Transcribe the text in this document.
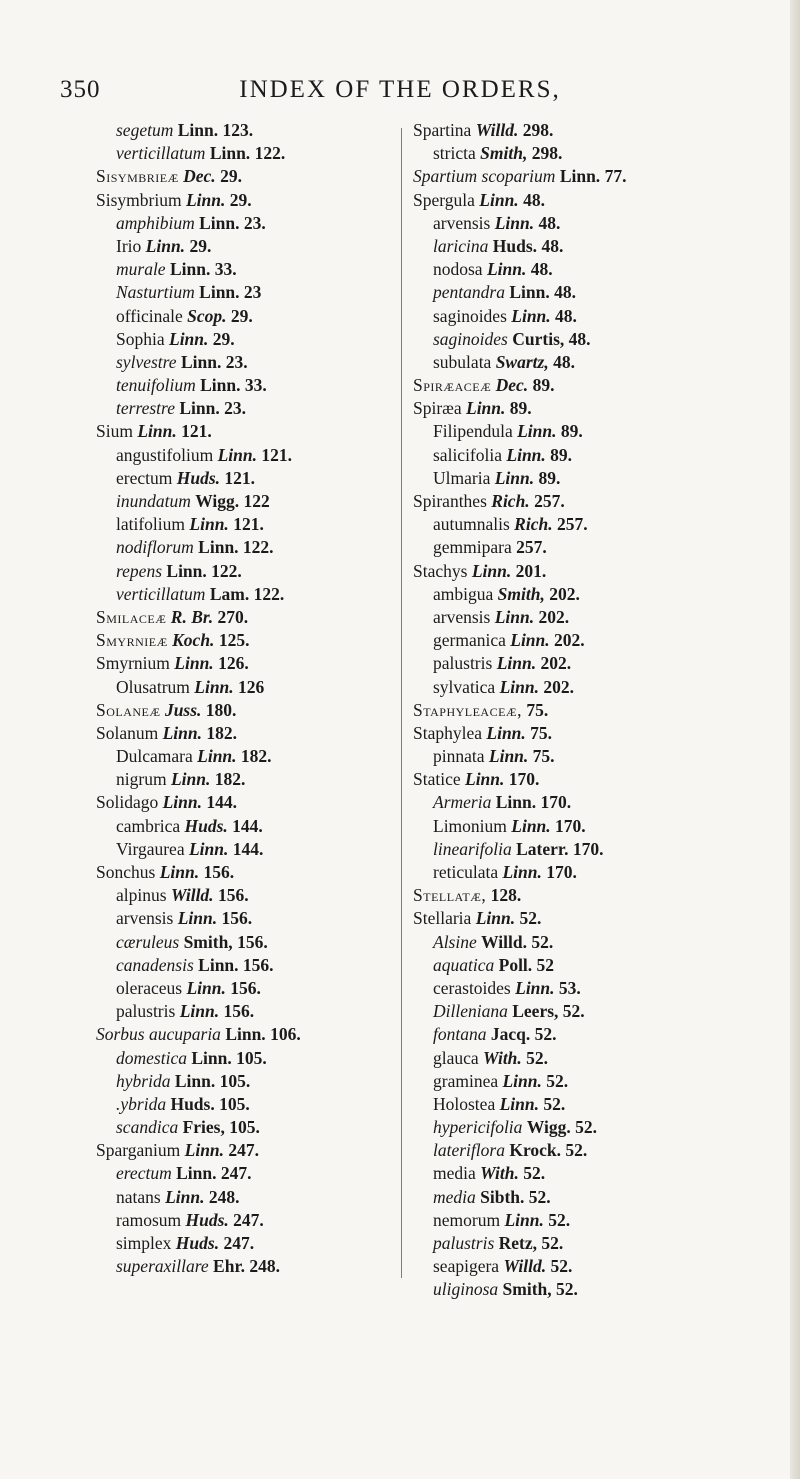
350	INDEX OF THE ORDERS,
segetum Linn. 123.
verticillatum Linn. 122.
Sisymbrieæ Dec. 29.
Sisymbrium Linn. 29.
amphibium Linn. 23.
Irio Linn. 29.
murale Linn. 33.
Nasturtium Linn. 23
officinale Scop. 29.
Sophia Linn. 29.
sylvestre Linn. 23.
tenuifolium Linn. 33.
terrestre Linn. 23.
Sium Linn. 121.
angustifolium Linn. 121.
erectum Huds. 121.
inundatum Wigg. 122
latifolium Linn. 121.
nodiflorum Linn. 122.
repens Linn. 122.
verticillatum Lam. 122.
Smilaceæ R. Br. 270.
Smyrnieæ Koch. 125.
Smyrnium Linn. 126.
Olusatrum Linn. 126
Solaneæ Juss. 180.
Solanum Linn. 182.
Dulcamara Linn. 182.
nigrum Linn. 182.
Solidago Linn. 144.
cambrica Huds. 144.
Virgaurea Linn. 144.
Sonchus Linn. 156.
alpinus Willd. 156.
arvensis Linn. 156.
cæruleus Smith, 156.
canadensis Linn. 156.
oleraceus Linn. 156.
palustris Linn. 156.
Sorbus aucuparia Linn. 106.
domestica Linn. 105.
hybrida Linn. 105.
.ybrida Huds. 105.
scandica Fries, 105.
Sparganium Linn. 247.
erectum Linn. 247.
natans Linn. 248.
ramosum Huds. 247.
simplex Huds. 247.
superaxillare Ehr. 248.
Spartina Willd. 298.
stricta Smith, 298.
Spartium scoparium Linn. 77.
Spergula Linn. 48.
arvensis Linn. 48.
laricina Huds. 48.
nodosa Linn. 48.
pentandra Linn. 48.
saginoides Linn. 48.
saginoides Curtis, 48.
subulata Swartz, 48.
Spiræaceæ Dec. 89.
Spiræa Linn. 89.
Filipendula Linn. 89.
salicifolia Linn. 89.
Ulmaria Linn. 89.
Spiranthes Rich. 257.
autumnalis Rich. 257.
gemmipara 257.
Stachys Linn. 201.
ambigua Smith, 202.
arvensis Linn. 202.
germanica Linn. 202.
palustris Linn. 202.
sylvatica Linn. 202.
Staphyleaceæ, 75.
Staphylea Linn. 75.
pinnata Linn. 75.
Statice Linn. 170.
Armeria Linn. 170.
Limonium Linn. 170.
linearifolia Laterr. 170.
reticulata Linn. 170.
Stellatæ, 128.
Stellaria Linn. 52.
Alsine Willd. 52.
aquatica Poll. 52
cerastoides Linn. 53.
Dilleniana Leers, 52.
fontana Jacq. 52.
glauca With. 52.
graminea Linn. 52.
Holostea Linn. 52.
hypericifolia Wigg. 52.
lateriflora Krock. 52.
media With. 52.
media Sibth. 52.
nemorum Linn. 52.
palustris Retz, 52.
seapigera Willd. 52.
uliginosa Smith, 52.
